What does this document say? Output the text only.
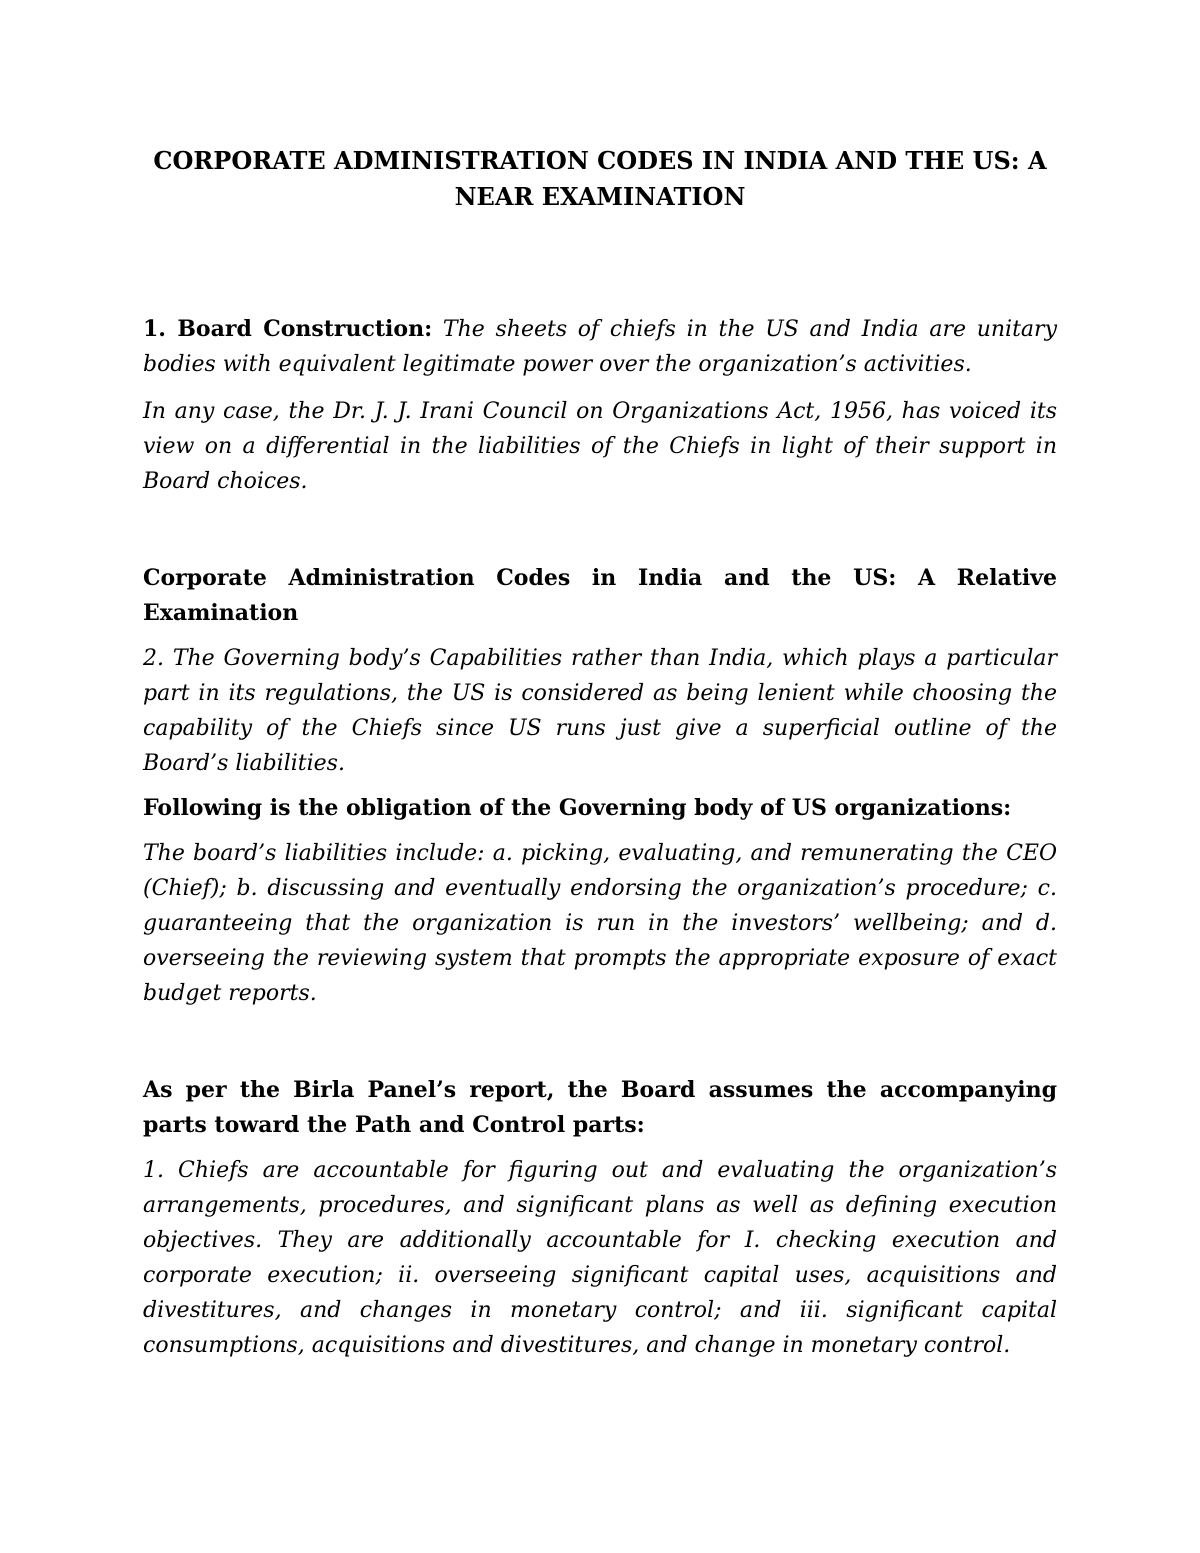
CORPORATE ADMINISTRATION CODES IN INDIA AND THE US: A NEAR EXAMINATION

1. Board Construction: The sheets of chiefs in the US and India are unitary bodies with equivalent legitimate power over the organization’s activities.

In any case, the Dr. J. J. Irani Council on Organizations Act, 1956, has voiced its view on a differential in the liabilities of the Chiefs in light of their support in Board choices.

Corporate Administration Codes in India and the US: A Relative Examination

2. The Governing body’s Capabilities rather than India, which plays a particular part in its regulations, the US is considered as being lenient while choosing the capability of the Chiefs since US runs just give a superficial outline of the Board’s liabilities.

Following is the obligation of the Governing body of US organizations:

The board’s liabilities include: a. picking, evaluating, and remunerating the CEO (Chief); b. discussing and eventually endorsing the organization’s procedure; c. guaranteeing that the organization is run in the investors’ wellbeing; and d. overseeing the reviewing system that prompts the appropriate exposure of exact budget reports.

As per the Birla Panel’s report, the Board assumes the accompanying parts toward the Path and Control parts:

1. Chiefs are accountable for figuring out and evaluating the organization’s arrangements, procedures, and significant plans as well as defining execution objectives. They are additionally accountable for I. checking execution and corporate execution; ii. overseeing significant capital uses, acquisitions and divestitures, and changes in monetary control; and iii. significant capital consumptions, acquisitions and divestitures, and change in monetary control.
